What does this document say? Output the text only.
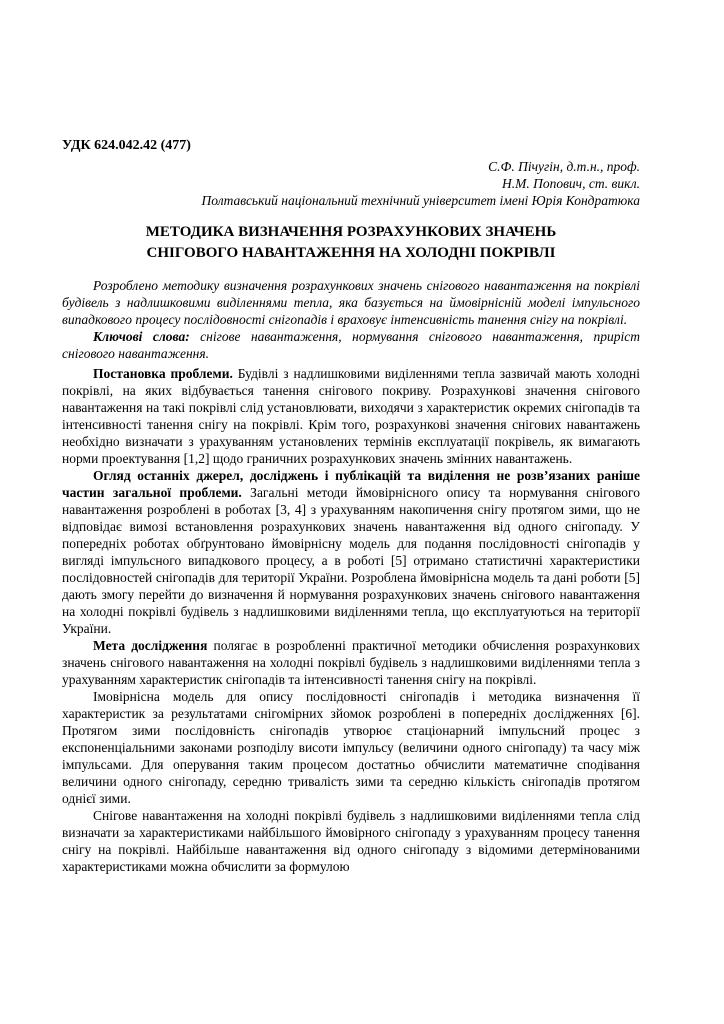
УДК 624.042.42 (477)
С.Ф. Пічугін, д.т.н., проф.
Н.М. Попович, ст. викл.
Полтавський національний технічний університет імені Юрія Кондратюка
МЕТОДИКА ВИЗНАЧЕННЯ РОЗРАХУНКОВИХ ЗНАЧЕНЬ
СНІГОВОГО НАВАНТАЖЕННЯ НА ХОЛОДНІ ПОКРІВЛІ

Розроблено методику визначення розрахункових значень снігового навантаження на покрівлі будівель з надлишковими виділеннями тепла, яка базується на ймовірнісній моделі імпульсного випадкового процесу послідовності снігопадів і враховує інтенсивність танення снігу на покрівлі.

Ключові слова: снігове навантаження, нормування снігового навантаження, приріст снігового навантаження.

Постановка проблеми. Будівлі з надлишковими виділеннями тепла зазвичай мають холодні покрівлі, на яких відбувається танення снігового покриву. Розрахункові значення снігового навантаження на такі покрівлі слід установлювати, виходячи з характеристик окремих снігопадів та інтенсивності танення снігу на покрівлі. Крім того, розрахункові значення снігових навантажень необхідно визначати з урахуванням установлених термінів експлуатації покрівель, як вимагають норми проектування [1,2] щодо граничних розрахункових значень змінних навантажень.

Огляд останніх джерел, досліджень і публікацій та виділення не розв’язаних раніше частин загальної проблеми. Загальні методи ймовірнісного опису та нормування снігового навантаження розроблені в роботах [3, 4] з урахуванням накопичення снігу протягом зими, що не відповідає вимозі встановлення розрахункових значень навантаження від одного снігопаду. У попередніх роботах обґрунтовано ймовірнісну модель для подання послідовності снігопадів у вигляді імпульсного випадкового процесу, а в роботі [5] отримано статистичні характеристики послідовностей снігопадів для території України. Розроблена ймовірнісна модель та дані роботи [5] дають змогу перейти до визначення й нормування розрахункових значень снігового навантаження на холодні покрівлі будівель з надлишковими виділеннями тепла, що експлуатуються на території України.

Мета дослідження полягає в розробленні практичної методики обчислення розрахункових значень снігового навантаження на холодні покрівлі будівель з надлишковими виділеннями тепла з урахуванням характеристик снігопадів та інтенсивності танення снігу на покрівлі.

Імовірнісна модель для опису послідовності снігопадів і методика визначення її характеристик за результатами снігомірних зйомок розроблені в попередніх дослідженнях [6]. Протягом зими послідовність снігопадів утворює стаціонарний імпульсний процес з експоненціальними законами розподілу висоти імпульсу (величини одного снігопаду) та часу між імпульсами. Для оперування таким процесом достатньо обчислити математичне сподівання величини одного снігопаду, середню тривалість зими та середню кількість снігопадів протягом однієї зими.

Снігове навантаження на холодні покрівлі будівель з надлишковими виділеннями тепла слід визначати за характеристиками найбільшого ймовірного снігопаду з урахуванням процесу танення снігу на покрівлі. Найбільше навантаження від одного снігопаду з відомими детермінованими характеристиками можна обчислити за формулою
